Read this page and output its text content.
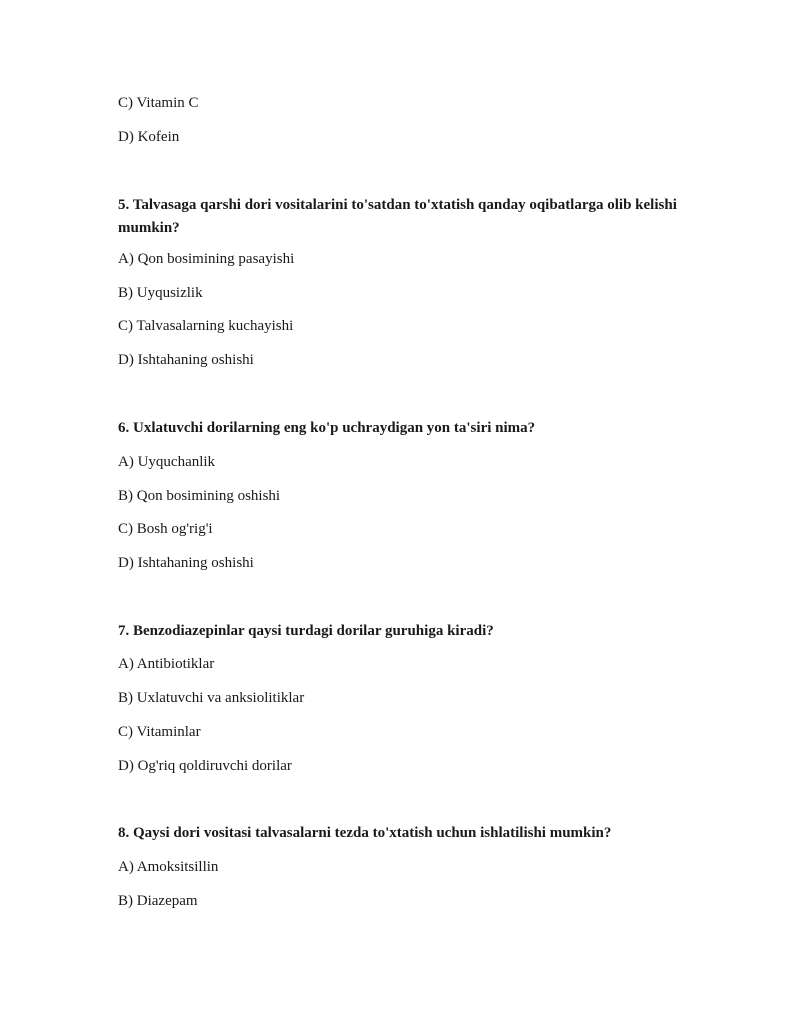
C) Vitamin C
D) Kofein
5. Talvasaga qarshi dori vositalarini to'satdan to'xtatish qanday oqibatlarga olib kelishi mumkin?
A) Qon bosimining pasayishi
B) Uyqusizlik
C) Talvasalarning kuchayishi
D) Ishtahaning oshishi
6. Uxlatuvchi dorilarning eng ko'p uchraydigan yon ta'siri nima?
A) Uyquchanlik
B) Qon bosimining oshishi
C) Bosh og'rig'i
D) Ishtahaning oshishi
7. Benzodiazepinlar qaysi turdagi dorilar guruhiga kiradi?
A) Antibiotiklar
B) Uxlatuvchi va anksiolitiklar
C) Vitaminlar
D) Og'riq qoldiruvchi dorilar
8. Qaysi dori vositasi talvasalarni tezda to'xtatish uchun ishlatilishi mumkin?
A) Amoksitsillin
B) Diazepam
